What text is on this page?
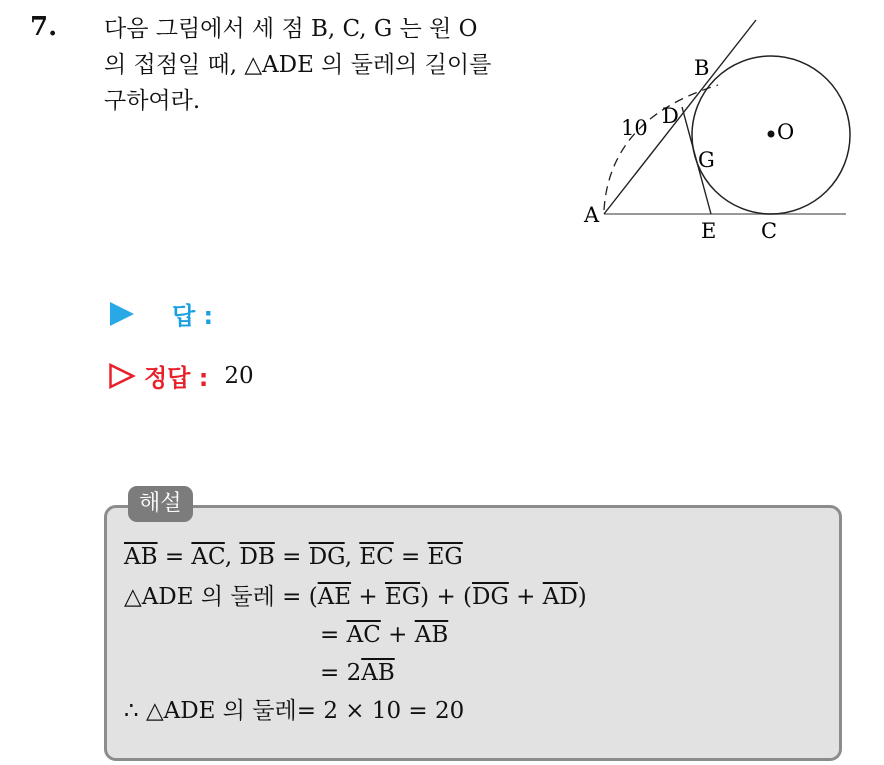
7. 다음 그림에서 세 점 B, C, G 는 원 O
의 접점일 때, △ADE 의 둘레의 길이를
구하여라.
A
B
C
D
E
G
O
10
답 :
정답 : 20
해설
$\overline{AB} = \overline{AC}$, $\overline{DB} = \overline{DG}$, $\overline{EC} = \overline{EG}$
△ADE 의 둘레 = $(\overline{AE} + \overline{EG}) + (\overline{DG} + \overline{AD})$
= $\overline{AC} + \overline{AB}$
= $2\overline{AB}$
∴ △ADE 의 둘레= 2 × 10 = 20
